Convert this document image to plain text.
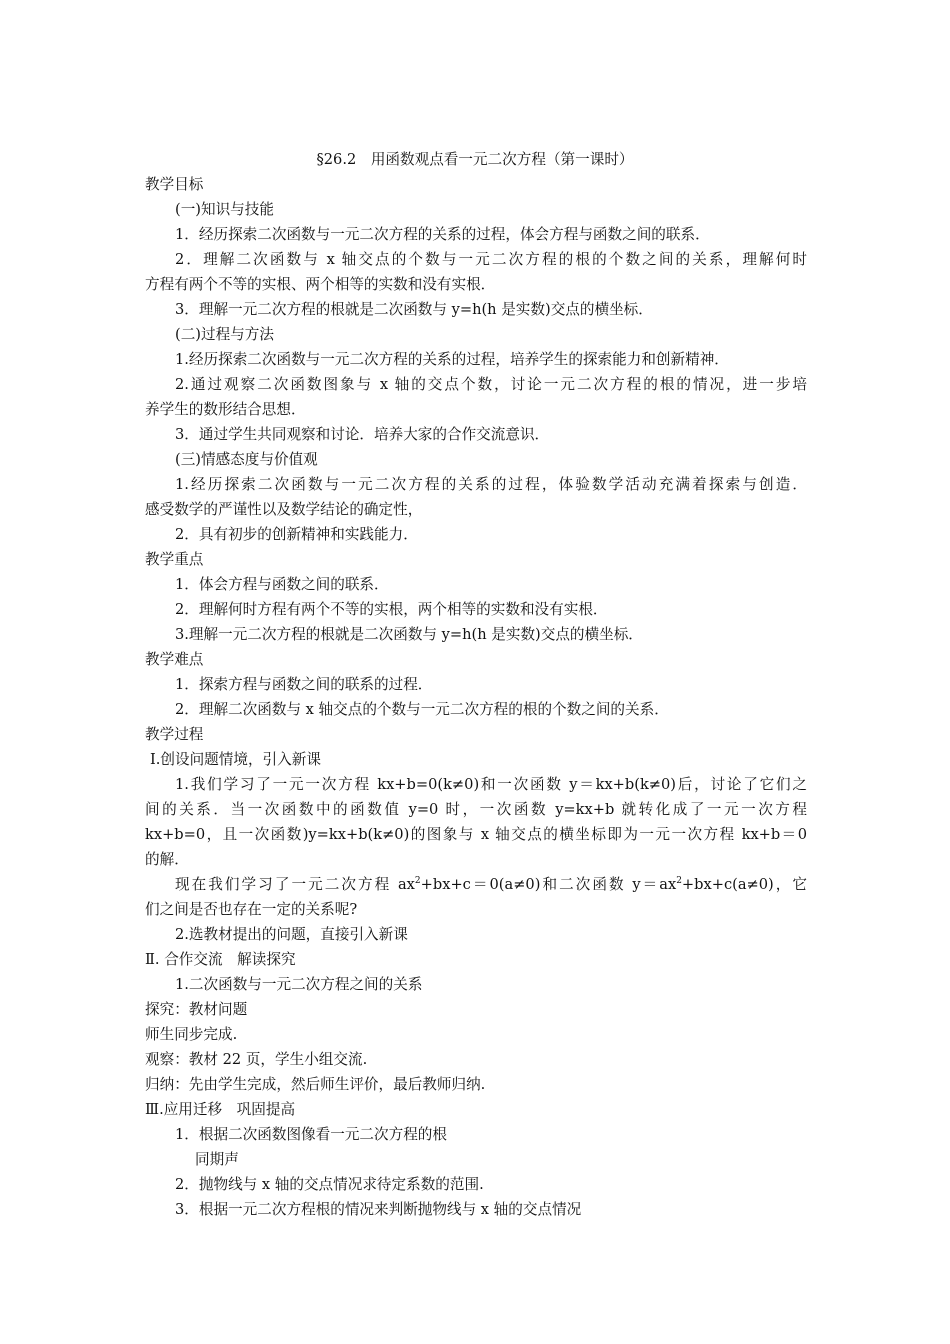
§26.2　用函数观点看一元二次方程（第一课时）
教学目标
(一)知识与技能
1．经历探索二次函数与一元二次方程的关系的过程，体会方程与函数之间的联系．
2．理解二次函数与 x 轴交点的个数与一元二次方程的根的个数之间的关系，理解何时
方程有两个不等的实根、两个相等的实数和没有实根．
3．理解一元二次方程的根就是二次函数与 y=h(h 是实数)交点的横坐标．
(二)过程与方法
1.经历探索二次函数与一元二次方程的关系的过程，培养学生的探索能力和创新精神．
2.通过观察二次函数图象与 x 轴的交点个数，讨论一元二次方程的根的情况，进一步培
养学生的数形结合思想．
3．通过学生共同观察和讨论．培养大家的合作交流意识．
(三)情感态度与价值观
1.经历探索二次函数与一元二次方程的关系的过程，体验数学活动充满着探索与创造．
感受数学的严谨性以及数学结论的确定性，
2．具有初步的创新精神和实践能力．
教学重点
1．体会方程与函数之间的联系．
2．理解何时方程有两个不等的实根，两个相等的实数和没有实根．
3.理解一元二次方程的根就是二次函数与 y=h(h 是实数)交点的横坐标．
教学难点
1．探索方程与函数之间的联系的过程．
2．理解二次函数与 x 轴交点的个数与一元二次方程的根的个数之间的关系．
教学过程
Ⅰ.创设问题情境，引入新课
1.我们学习了一元一次方程 kx+b=0(k≠0)和一次函数 y＝kx+b(k≠0)后，讨论了它们之
间的关系．当一次函数中的函数值 y=0 时，一次函数 y=kx+b 就转化成了一元一次方程
kx+b=0，且一次函数)y=kx+b(k≠0)的图象与 x 轴交点的横坐标即为一元一次方程 kx+b＝0
的解．
现在我们学习了一元二次方程 $ax^2+bx+c=0(a\ne 0)$和二次函数 $y=ax^2+bx+c(a\ne 0)$，它
们之间是否也存在一定的关系呢?
2.选教材提出的问题，直接引入新课
Ⅱ. 合作交流　解读探究
1.二次函数与一元二次方程之间的关系
探究：教材问题
师生同步完成.
观察：教材 22 页，学生小组交流.
归纳：先由学生完成，然后师生评价，最后教师归纳.
Ⅲ.应用迁移　巩固提高
1．根据二次函数图像看一元二次方程的根
同期声
2．抛物线与 x 轴的交点情况求待定系数的范围.
3．根据一元二次方程根的情况来判断抛物线与 x 轴的交点情况
